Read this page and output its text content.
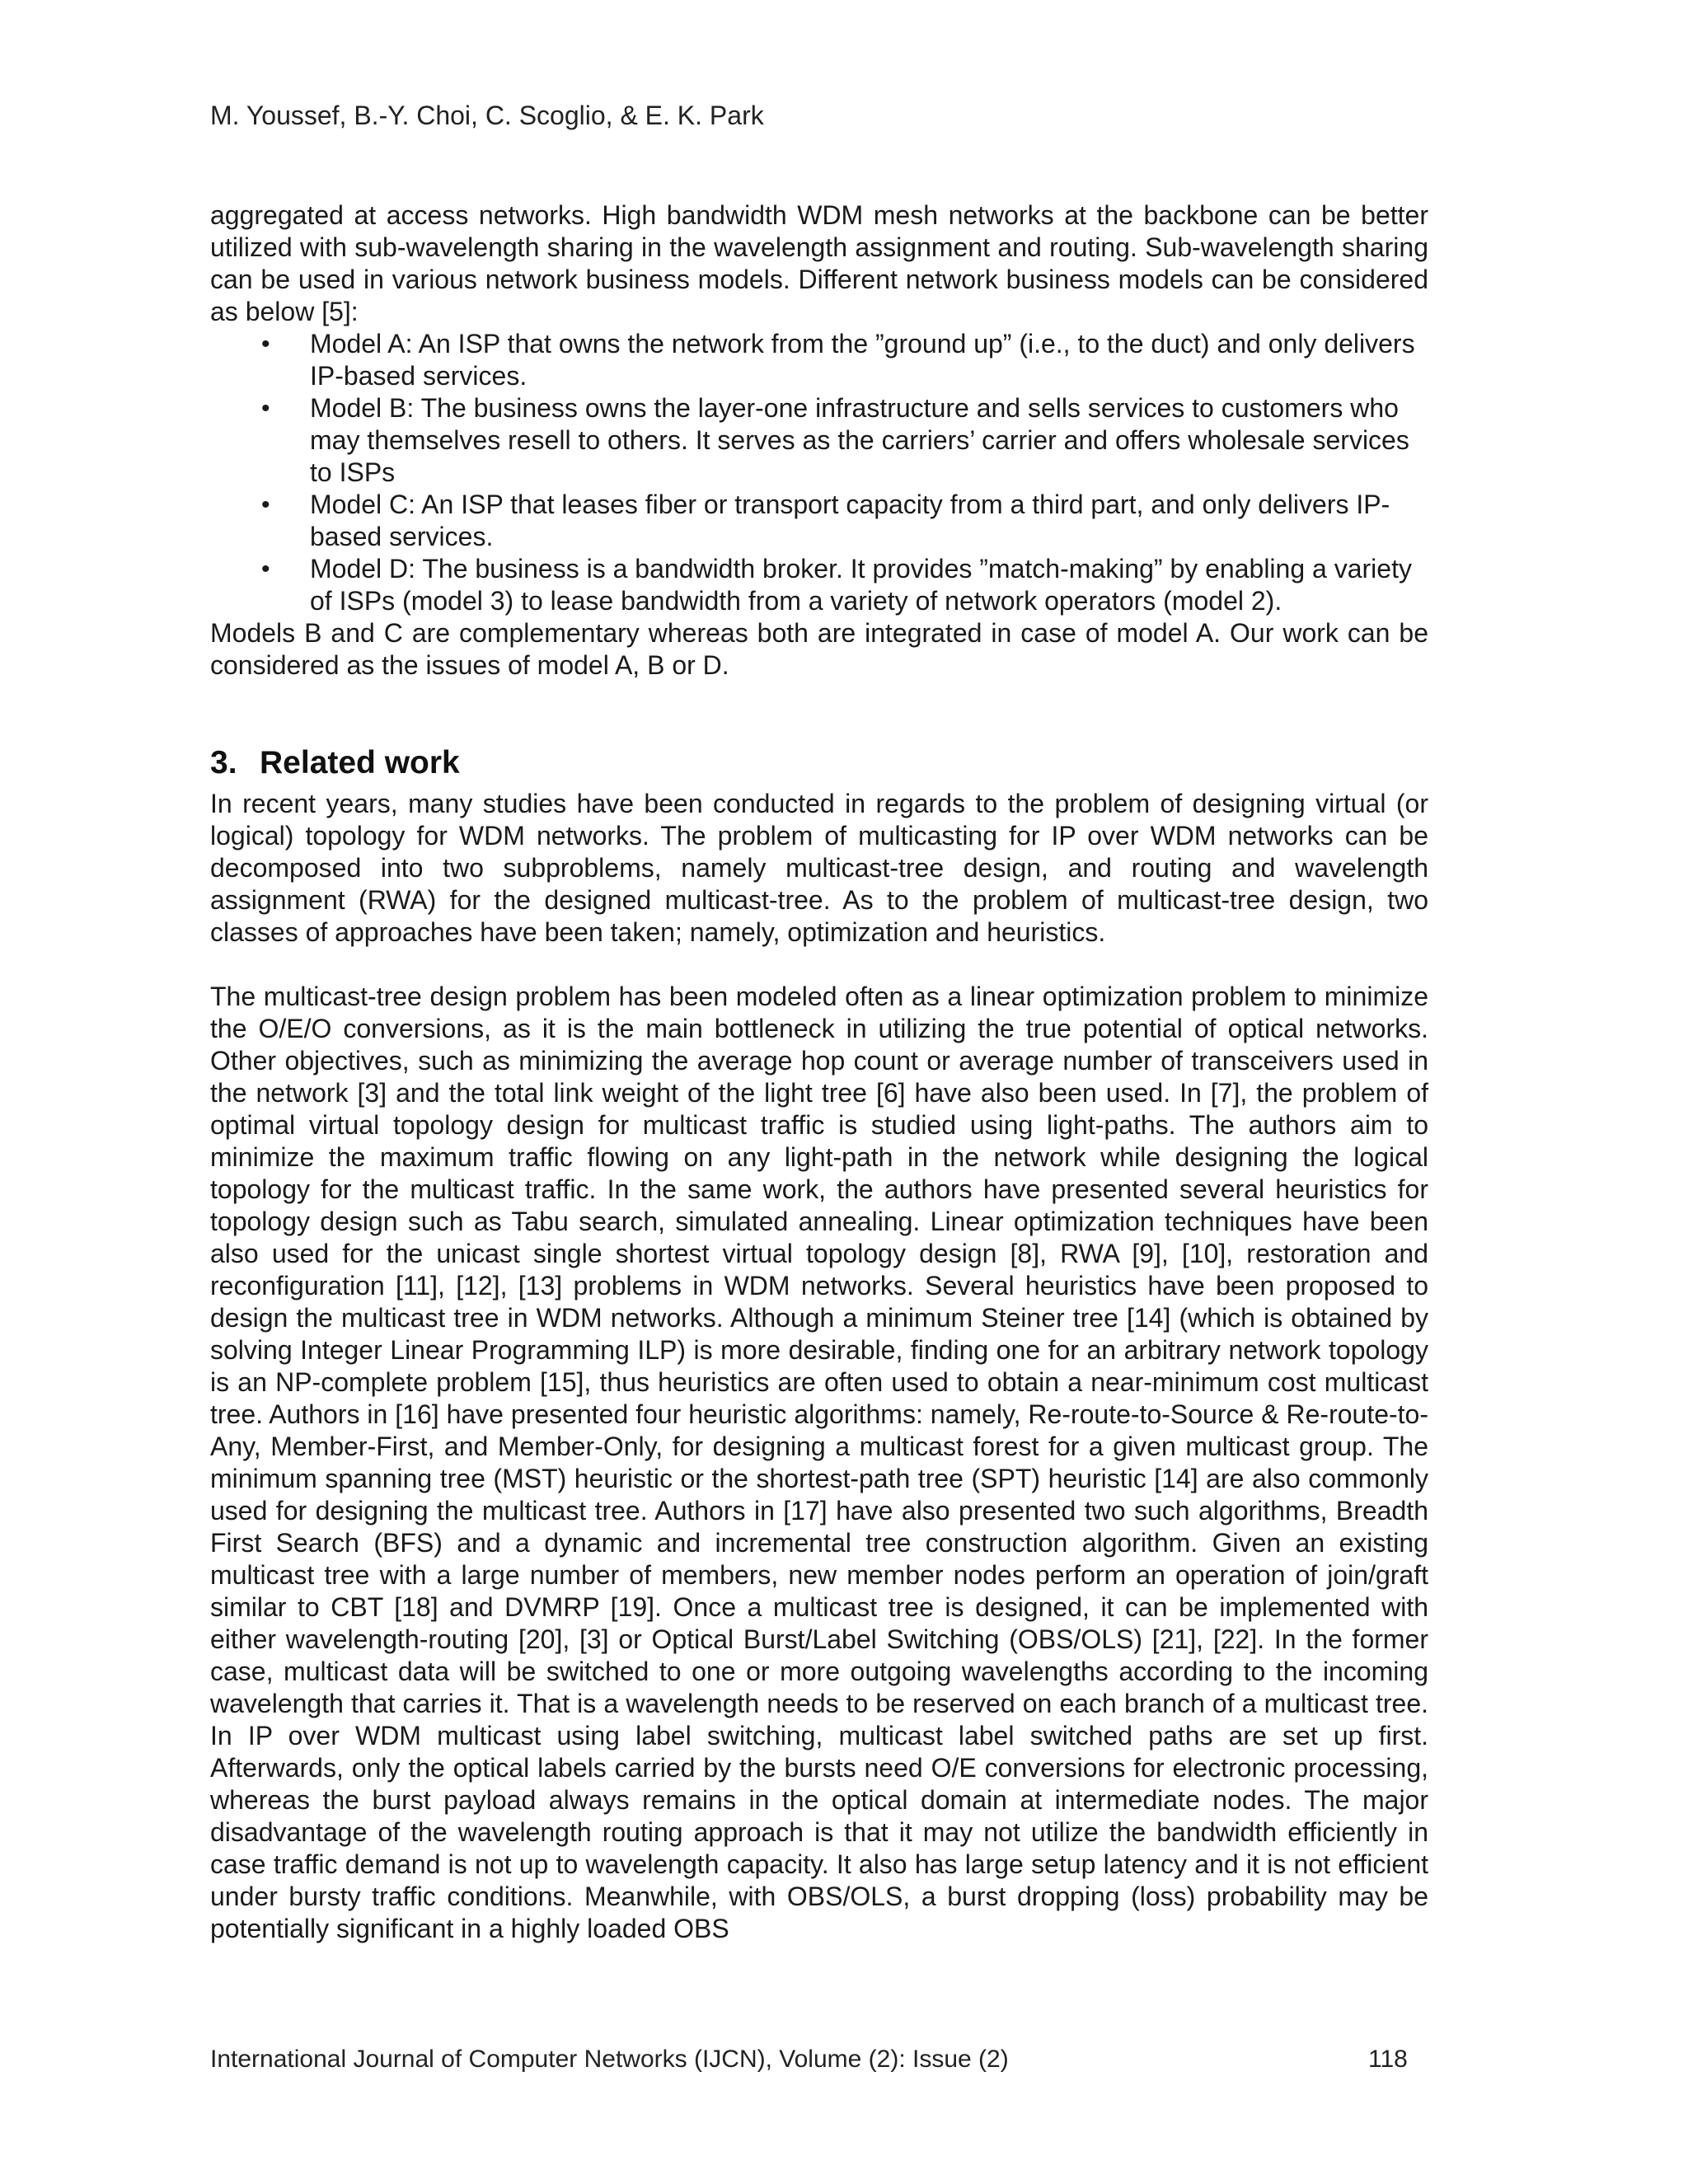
M. Youssef, B.-Y. Choi, C. Scoglio, & E. K. Park

aggregated at access networks. High bandwidth WDM mesh networks at the backbone can be better utilized with sub-wavelength sharing in the wavelength assignment and routing. Sub-wavelength sharing can be used in various network business models. Different network business models can be considered as below [5]:

• Model A: An ISP that owns the network from the ”ground up” (i.e., to the duct) and only delivers IP-based services.
• Model B: The business owns the layer-one infrastructure and sells services to customers who may themselves resell to others. It serves as the carriers’ carrier and offers wholesale services to ISPs
• Model C: An ISP that leases fiber or transport capacity from a third part, and only delivers IP-based services.
• Model D: The business is a bandwidth broker. It provides ”match-making” by enabling a variety of ISPs (model 3) to lease bandwidth from a variety of network operators (model 2).

Models B and C are complementary whereas both are integrated in case of model A. Our work can be considered as the issues of model A, B or D.

3. Related work

In recent years, many studies have been conducted in regards to the problem of designing virtual (or logical) topology for WDM networks. The problem of multicasting for IP over WDM networks can be decomposed into two subproblems, namely multicast-tree design, and routing and wavelength assignment (RWA) for the designed multicast-tree. As to the problem of multicast-tree design, two classes of approaches have been taken; namely, optimization and heuristics.

The multicast-tree design problem has been modeled often as a linear optimization problem to minimize the O/E/O conversions, as it is the main bottleneck in utilizing the true potential of optical networks. Other objectives, such as minimizing the average hop count or average number of transceivers used in the network [3] and the total link weight of the light tree [6] have also been used. In [7], the problem of optimal virtual topology design for multicast traffic is studied using light-paths. The authors aim to minimize the maximum traffic flowing on any light-path in the network while designing the logical topology for the multicast traffic. In the same work, the authors have presented several heuristics for topology design such as Tabu search, simulated annealing. Linear optimization techniques have been also used for the unicast single shortest virtual topology design [8], RWA [9], [10], restoration and reconfiguration [11], [12], [13] problems in WDM networks. Several heuristics have been proposed to design the multicast tree in WDM networks. Although a minimum Steiner tree [14] (which is obtained by solving Integer Linear Programming ILP) is more desirable, finding one for an arbitrary network topology is an NP-complete problem [15], thus heuristics are often used to obtain a near-minimum cost multicast tree. Authors in [16] have presented four heuristic algorithms: namely, Re-route-to-Source & Re-route-to-Any, Member-First, and Member-Only, for designing a multicast forest for a given multicast group. The minimum spanning tree (MST) heuristic or the shortest-path tree (SPT) heuristic [14] are also commonly used for designing the multicast tree. Authors in [17] have also presented two such algorithms, Breadth First Search (BFS) and a dynamic and incremental tree construction algorithm. Given an existing multicast tree with a large number of members, new member nodes perform an operation of join/graft similar to CBT [18] and DVMRP [19]. Once a multicast tree is designed, it can be implemented with either wavelength-routing [20], [3] or Optical Burst/Label Switching (OBS/OLS) [21], [22]. In the former case, multicast data will be switched to one or more outgoing wavelengths according to the incoming wavelength that carries it. That is a wavelength needs to be reserved on each branch of a multicast tree. In IP over WDM multicast using label switching, multicast label switched paths are set up first. Afterwards, only the optical labels carried by the bursts need O/E conversions for electronic processing, whereas the burst payload always remains in the optical domain at intermediate nodes. The major disadvantage of the wavelength routing approach is that it may not utilize the bandwidth efficiently in case traffic demand is not up to wavelength capacity. It also has large setup latency and it is not efficient under bursty traffic conditions. Meanwhile, with OBS/OLS, a burst dropping (loss) probability may be potentially significant in a highly loaded OBS

International Journal of Computer Networks (IJCN), Volume (2): Issue (2)	118
